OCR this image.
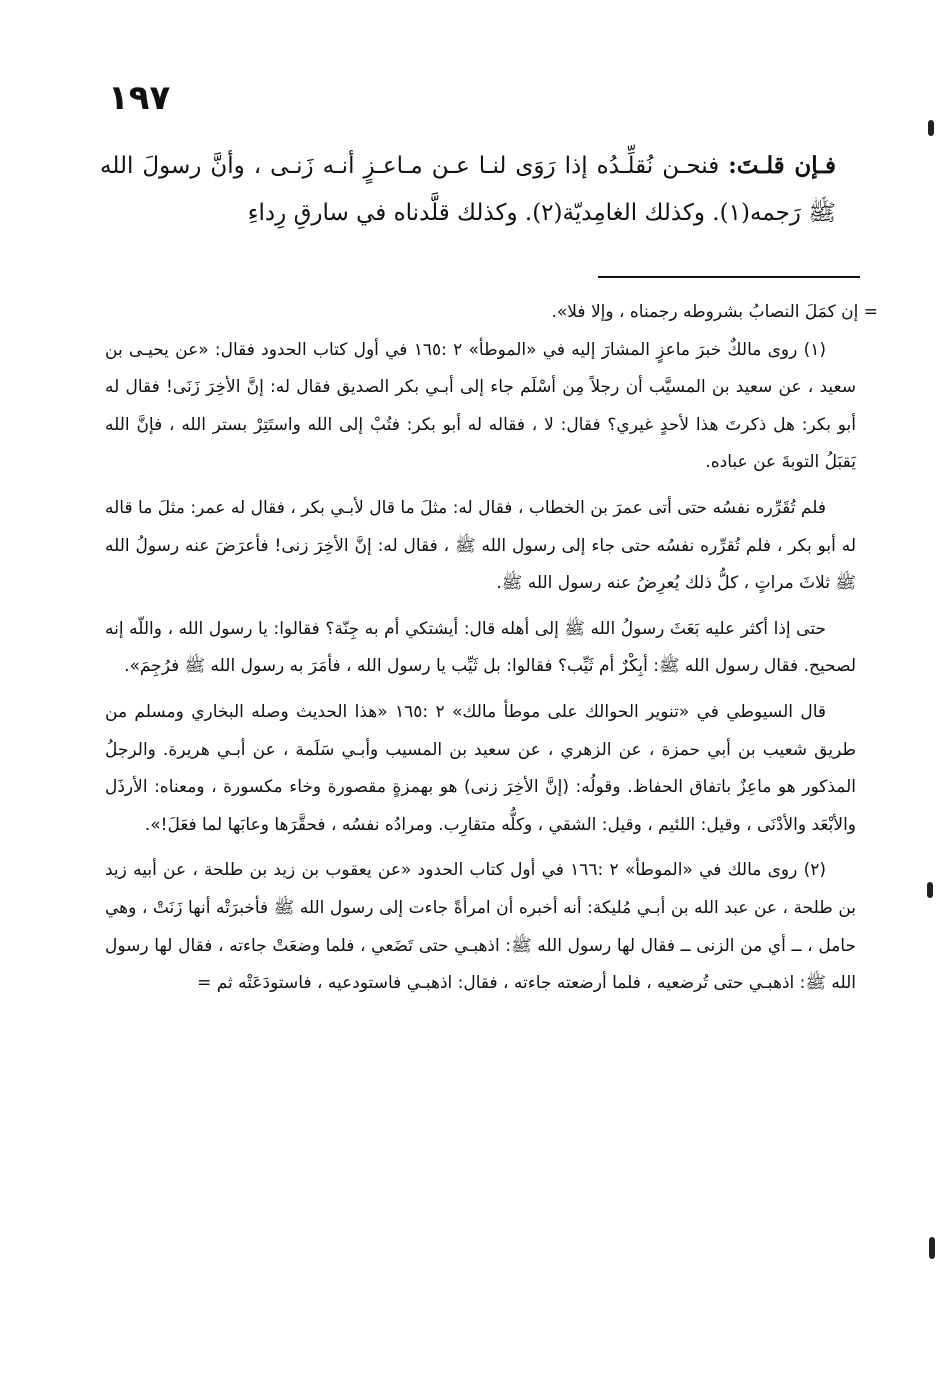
١٩٧

فـإن قلـتَ: فنحـن نُقلِّـدُه إذا رَوَى لنـا عـن مـاعـزٍ أنـه زَنـى ، وأنَّ رسولَ الله ﷺ رَجمه(١). وكذلك الغامِديّة(٢). وكذلك قلَّدناه في سارقِ رِداءِ

= إن كمَلَ النصابُ بشروطه رجمناه ، وإلا فلا».

(١) روى مالكٌ خبرَ ماعزٍ المشارَ إليه في «الموطأ» ٢ :١٦٥ في أول كتاب الحدود فقال: «عن يحيـى بن سعيد ، عن سعيد بن المسيَّب أن رجلاً مِن أسْلَم جاء إلى أبـي بكر الصديق فقال له: إنَّ الأخِرَ زَنَى! فقال له أبو بكر: هل ذكرتَ هذا لأحدٍ غيري؟ فقال: لا ، فقاله له أبو بكر: فتُبْ إلى الله واستَتِرْ بستر الله ، فإنَّ الله يَقبَلُ التوبةَ عن عباده.

فلم تُقَرِّره نفسُه حتى أتى عمرَ بن الخطاب ، فقال له: مثلَ ما قال لأبـي بكر ، فقال له عمر: مثلَ ما قاله له أبو بكر ، فلم تُقرِّره نفسُه حتى جاء إلى رسول الله ﷺ ، فقال له: إنَّ الأخِرَ زنى! فأعرَضَ عنه رسولُ الله ﷺ ثلاثَ مراتٍ ، كلُّ ذلك يُعرِضُ عنه رسول الله ﷺ.

حتى إذا أكثر عليه بَعَثَ رسولُ الله ﷺ إلى أهله قال: أيشتكي أم به جِنّة؟ فقالوا: يا رسول الله ، واللّه إنه لصحيح. فقال رسول الله ﷺ: أبِكْرٌ أم ثَيِّب؟ فقالوا: بل ثَيِّب يا رسول الله ، فأمَرَ به رسول الله ﷺ فرُجِمَ».

قال السيوطي في «تنوير الحوالك على موطأ مالك» ٢ :١٦٥ «هذا الحديث وصله البخاري ومسلم من طريق شعيب بن أبي حمزة ، عن الزهري ، عن سعيد بن المسيب وأبـي سَلَمة ، عن أبـي هريرة. والرجلُ المذكور هو ماعِزٌ باتفاق الحفاظ. وقولُه: (إنَّ الأخِرَ زنى) هو بهمزةٍ مقصورة وخاء مكسورة ، ومعناه: الأرذَل والأبْعَد والأدْنَى ، وقيل: اللئيم ، وقيل: الشقي ، وكلُّه متقارِب. ومرادُه نفسُه ، فحقَّرَها وعابَها لما فعَلَ!».

(٢) روى مالك في «الموطأ» ٢ :١٦٦ في أول كتاب الحدود «عن يعقوب بن زيد بن طلحة ، عن أبيه زيد بن طلحة ، عن عبد الله بن أبـي مُليكة: أنه أخبره أن امرأةً جاءت إلى رسول الله ﷺ فأخبرَتْه أنها زَنَتْ ، وهي حامل ، ــ أي من الزنى ــ فقال لها رسول الله ﷺ: اذهبـي حتى تَضَعي ، فلما وضعَتْ جاءته ، فقال لها رسول الله ﷺ: اذهبـي حتى تُرضعيه ، فلما أرضعته جاءته ، فقال: اذهبـي فاستودعيه ، فاستودَعَتْه ثم =
